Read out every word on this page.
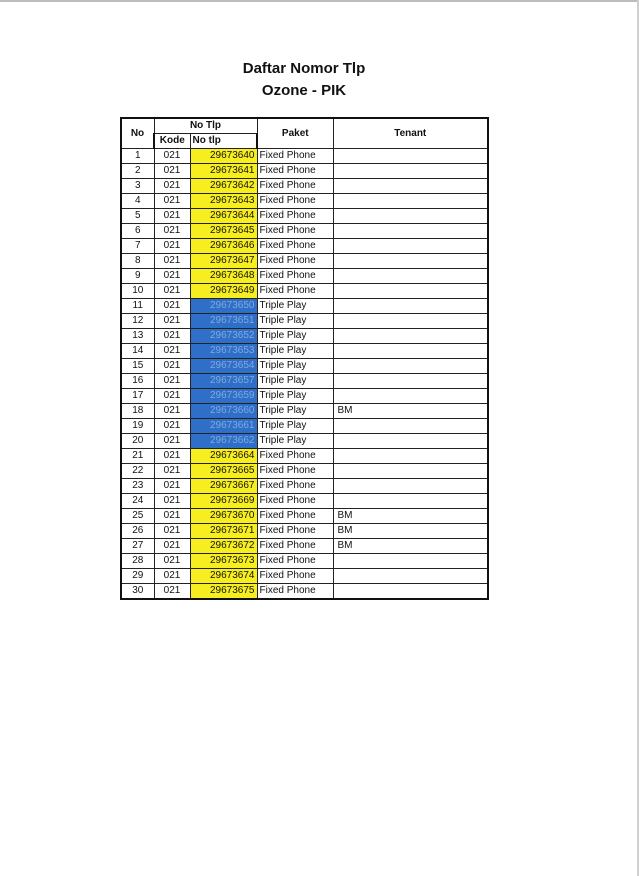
Daftar Nomor Tlp
Ozone - PIK
No	No Tlp		Paket	Tenant
	Kode	No tlp		
1	021	29673640	Fixed Phone	
2	021	29673641	Fixed Phone	
3	021	29673642	Fixed Phone	
4	021	29673643	Fixed Phone	
5	021	29673644	Fixed Phone	
6	021	29673645	Fixed Phone	
7	021	29673646	Fixed Phone	
8	021	29673647	Fixed Phone	
9	021	29673648	Fixed Phone	
10	021	29673649	Fixed Phone	
11	021	29673650	Triple Play	
12	021	29673651	Triple Play	
13	021	29673652	Triple Play	
14	021	29673653	Triple Play	
15	021	29673654	Triple Play	
16	021	29673657	Triple Play	
17	021	29673659	Triple Play	
18	021	29673660	Triple Play	BM
19	021	29673661	Triple Play	
20	021	29673662	Triple Play	
21	021	29673664	Fixed Phone	
22	021	29673665	Fixed Phone	
23	021	29673667	Fixed Phone	
24	021	29673669	Fixed Phone	
25	021	29673670	Fixed Phone	BM
26	021	29673671	Fixed Phone	BM
27	021	29673672	Fixed Phone	BM
28	021	29673673	Fixed Phone	
29	021	29673674	Fixed Phone	
30	021	29673675	Fixed Phone	
